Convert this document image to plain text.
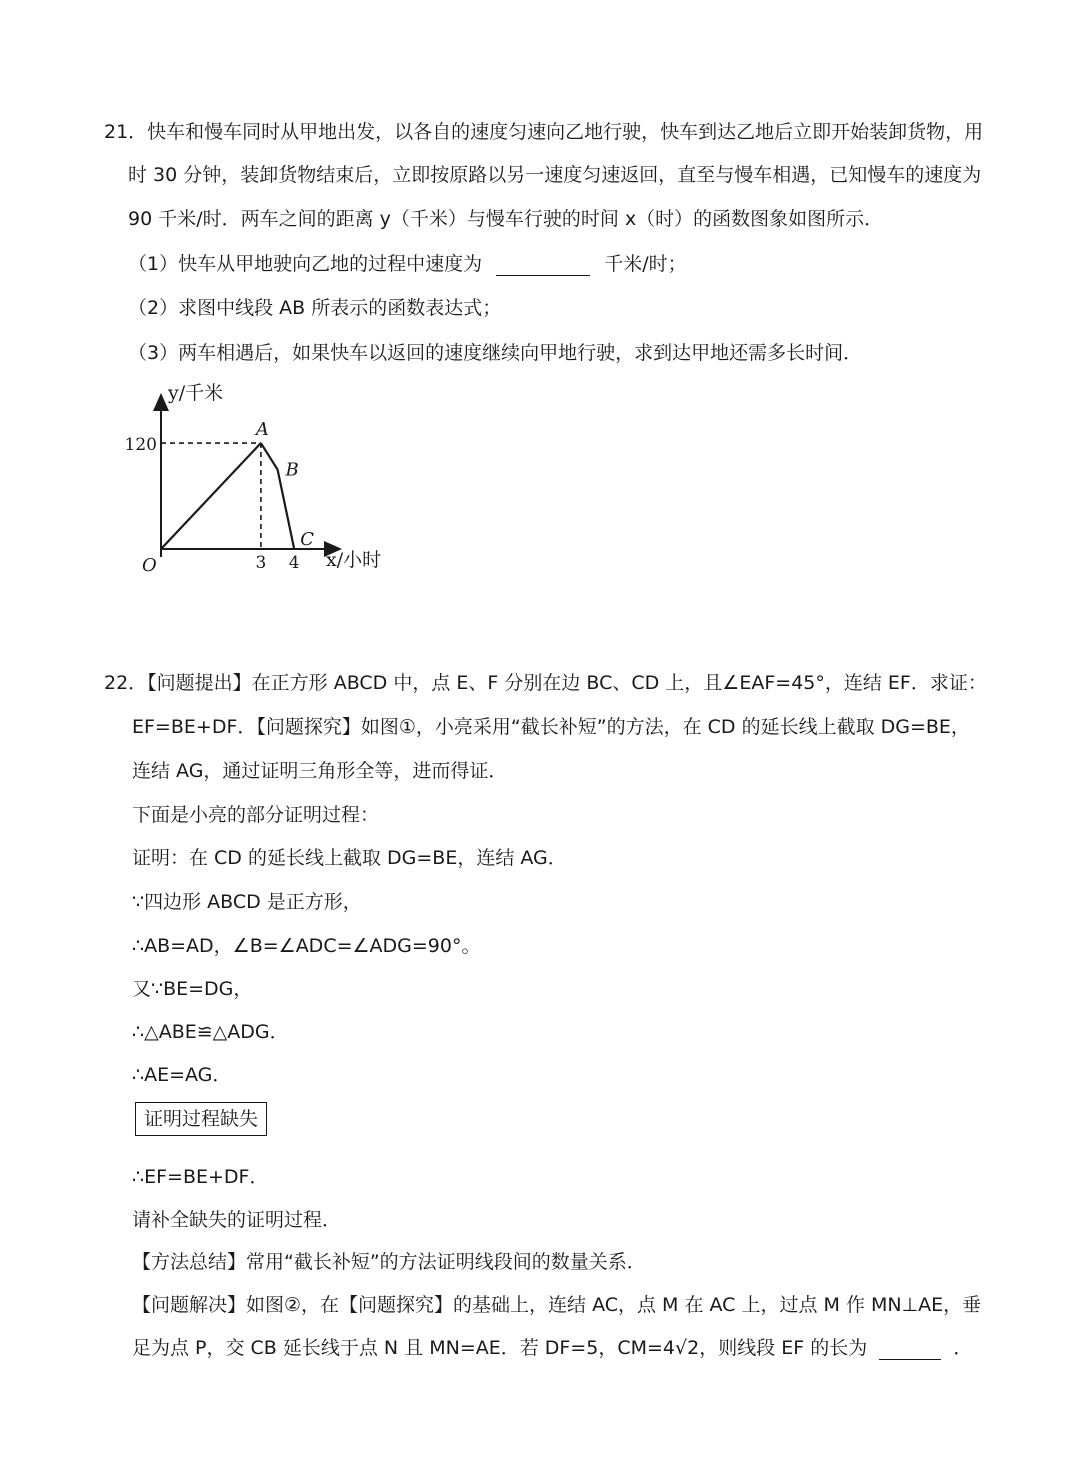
21．快车和慢车同时从甲地出发，以各自的速度匀速向乙地行驶，快车到达乙地后立即开始装卸货物，用
时 30 分钟，装卸货物结束后，立即按原路以另一速度匀速返回，直至与慢车相遇，已知慢车的速度为
90 千米/时．两车之间的距离 y（千米）与慢车行驶的时间 x（时）的函数图象如图所示．
（1）快车从甲地驶向乙地的过程中速度为	千米/时；
（2）求图中线段 AB 所表示的函数表达式；
（3）两车相遇后，如果快车以返回的速度继续向甲地行驶，求到达甲地还需多长时间．
A
B
C
O
120
3 4
y/千米
x/小时
22．【问题提出】在正方形 ABCD 中，点 E、F 分别在边 BC、CD 上，且∠EAF=45°，连结 EF．求证：
EF=BE+DF．【问题探究】如图①，小亮采用“截长补短”的方法，在 CD 的延长线上截取 DG=BE，
连结 AG，通过证明三角形全等，进而得证．
下面是小亮的部分证明过程：
证明：在 CD 的延长线上截取 DG=BE，连结 AG．
∵四边形 ABCD 是正方形，
∴AB=AD，∠B=∠ADC=∠ADG=90°。
又∵BE=DG，
∴△ABE≌△ADG．
∴AE=AG．
证明过程缺失
∴EF=BE+DF．
请补全缺失的证明过程．
【方法总结】常用“截长补短”的方法证明线段间的数量关系．
【问题解决】如图②，在【问题探究】的基础上，连结 AC，点 M 在 AC 上，过点 M 作 MN⊥AE，垂
足为点 P，交 CB 延长线于点 N 且 MN=AE．若 DF=5，CM=4√2，则线段 EF 的长为	．
